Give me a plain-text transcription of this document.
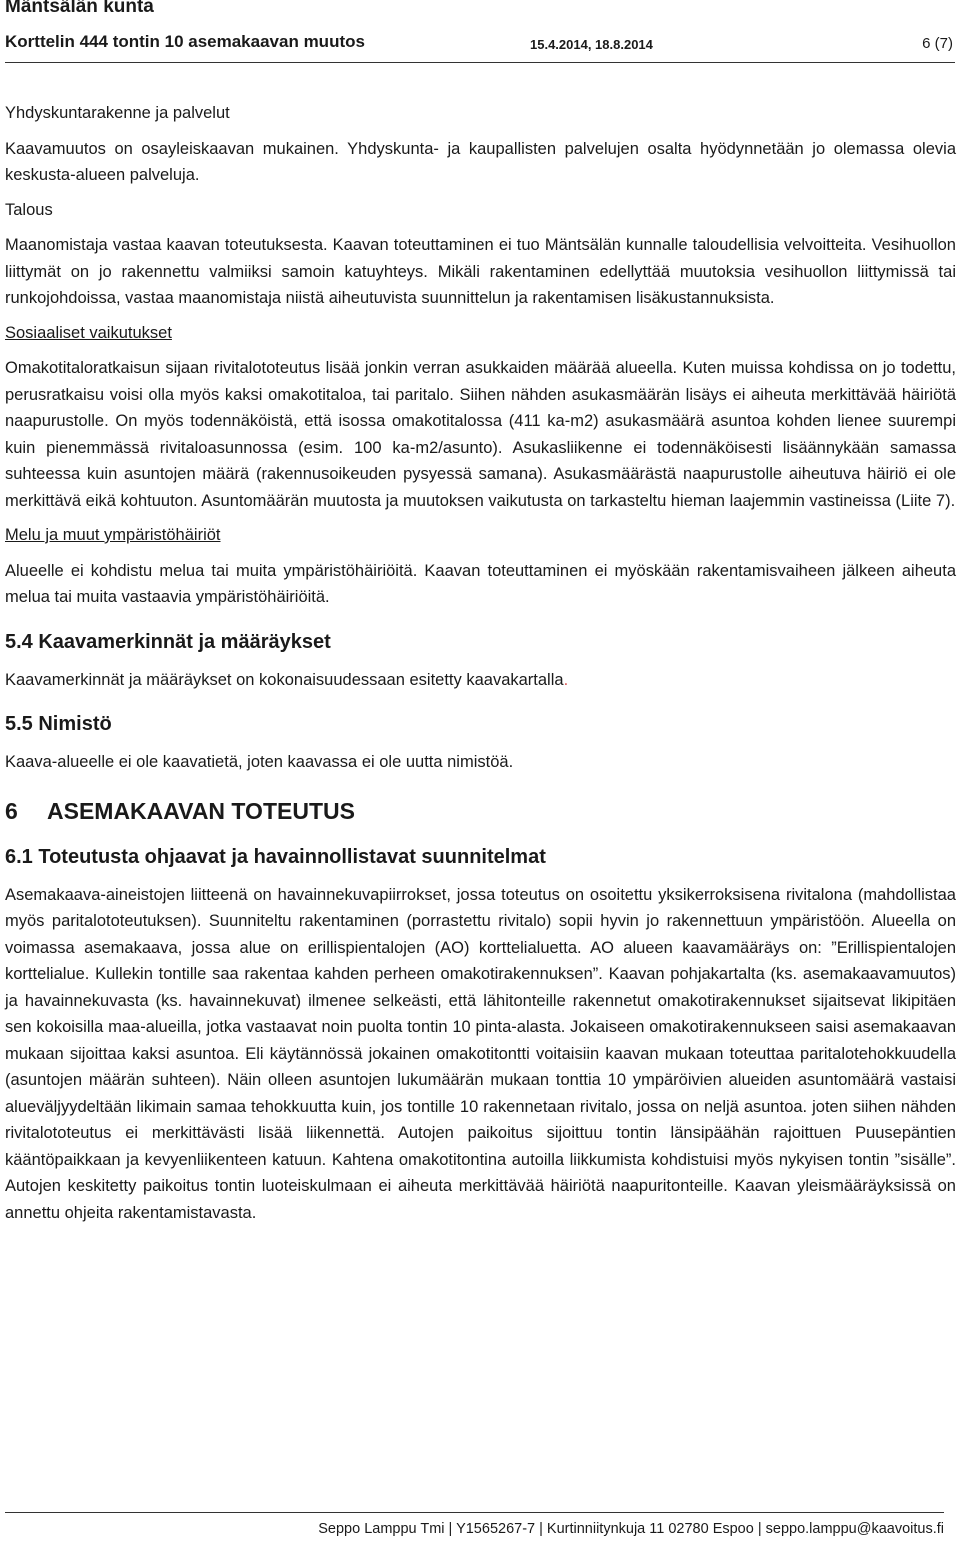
Mäntsälän kunta
Korttelin 444 tontin 10 asemakaavan muutos	15.4.2014, 18.8.2014	6 (7)
Yhdyskuntarakenne ja palvelut

Kaavamuutos on osayleiskaavan mukainen. Yhdyskunta- ja kaupallisten palvelujen osalta hyödynnetään jo olemassa olevia keskusta-alueen palveluja.

Talous

Maanomistaja vastaa kaavan toteutuksesta. Kaavan toteuttaminen ei tuo Mäntsälän kunnalle taloudellisia velvoitteita. Vesihuollon liittymät on jo rakennettu valmiiksi samoin katuyhteys. Mikäli rakentaminen edellyttää muutoksia vesihuollon liittymissä tai runkojohdoissa, vastaa maanomistaja niistä aiheutuvista suunnittelun ja rakentamisen lisäkustannuksista.

Sosiaaliset vaikutukset

Omakotitaloratkaisun sijaan rivitalototeutus lisää jonkin verran asukkaiden määrää alueella. Kuten muissa kohdissa on jo todettu, perusratkaisu voisi olla myös kaksi omakotitaloa, tai paritalo. Siihen nähden asukasmäärän lisäys ei aiheuta merkittävää häiriötä naapurustolle. On myös todennäköistä, että isossa omakotitalossa (411 ka-m2) asukasmäärä asuntoa kohden lienee suurempi kuin pienemmässä rivitaloasunnossa (esim. 100 ka-m2/asunto). Asukasliikenne ei todennäköisesti lisäännykään samassa suhteessa kuin asuntojen määrä (rakennusoikeuden pysyessä samana). Asukasmäärästä naapurustolle aiheutuva häiriö ei ole merkittävä eikä kohtuuton. Asuntomäärän muutosta ja muutoksen vaikutusta on tarkasteltu hieman laajemmin vastineissa (Liite 7).

Melu ja muut ympäristöhäiriöt

Alueelle ei kohdistu melua tai muita ympäristöhäiriöitä. Kaavan toteuttaminen ei myöskään rakentamisvaiheen jälkeen aiheuta melua tai muita vastaavia ympäristöhäiriöitä.

5.4 Kaavamerkinnät ja määräykset

Kaavamerkinnät ja määräykset on kokonaisuudessaan esitetty kaavakartalla.

5.5 Nimistö

Kaava-alueelle ei ole kaavatietä, joten kaavassa ei ole uutta nimistöä.

6 ASEMAKAAVAN TOTEUTUS
6.1 Toteutusta ohjaavat ja havainnollistavat suunnitelmat

Asemakaava-aineistojen liitteenä on havainnekuvapiirrokset, jossa toteutus on osoitettu yksikerroksisena rivitalona (mahdollistaa myös paritalototeutuksen). Suunniteltu rakentaminen (porrastettu rivitalo) sopii hyvin jo rakennettuun ympäristöön. Alueella on voimassa asemakaava, jossa alue on erillispientalojen (AO) korttelialuetta. AO alueen kaavamääräys on: ”Erillispientalojen korttelialue. Kullekin tontille saa rakentaa kahden perheen omakotirakennuksen”. Kaavan pohjakartalta (ks. asemakaavamuutos) ja havainnekuvasta (ks. havainnekuvat) ilmenee selkeästi, että lähitonteille rakennetut omakotirakennukset sijaitsevat likipitäen sen kokoisilla maa-alueilla, jotka vastaavat noin puolta tontin 10 pinta-alasta. Jokaiseen omakotirakennukseen saisi asemakaavan mukaan sijoittaa kaksi asuntoa. Eli käytännössä jokainen omakotitontti voitaisiin kaavan mukaan toteuttaa paritalotehokkuudella (asuntojen määrän suhteen). Näin olleen asuntojen lukumäärän mukaan tonttia 10 ympäröivien alueiden asuntomäärä vastaisi alueväljyydeltään likimain samaa tehokkuutta kuin, jos tontille 10 rakennetaan rivitalo, jossa on neljä asuntoa. joten siihen nähden rivitalototeutus ei merkittävästi lisää liikennettä. Autojen paikoitus sijoittuu tontin länsipäähän rajoittuen Puusepäntien kääntöpaikkaan ja kevyenliikenteen katuun. Kahtena omakotitontina autoilla liikkumista kohdistuisi myös nykyisen tontin ”sisälle”. Autojen keskitetty paikoitus tontin luoteiskulmaan ei aiheuta merkittävää häiriötä naapuritonteille. Kaavan yleismääräyksissä on annettu ohjeita rakentamistavasta.

Seppo Lamppu Tmi | Y1565267-7 | Kurtinniitynkuja 11 02780 Espoo | seppo.lamppu@kaavoitus.fi
